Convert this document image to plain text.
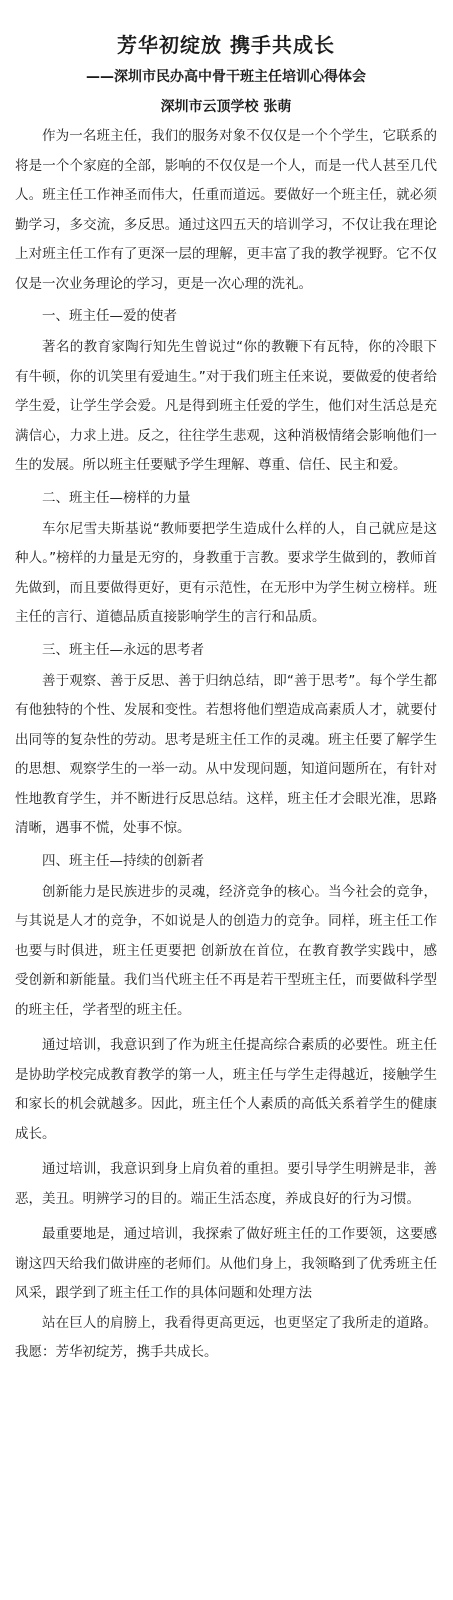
芳华初绽放 携手共成长
——深圳市民办高中骨干班主任培训心得体会
深圳市云顶学校 张萌

作为一名班主任，我们的服务对象不仅仅是一个个学生，它联系的将是一个个家庭的全部，影响的不仅仅是一个人，而是一代人甚至几代人。班主任工作神圣而伟大，任重而道远。要做好一个班主任，就必须勤学习，多交流，多反思。通过这四五天的培训学习，不仅让我在理论上对班主任工作有了更深一层的理解，更丰富了我的教学视野。它不仅仅是一次业务理论的学习，更是一次心理的洗礼。

一、班主任—爱的使者

著名的教育家陶行知先生曾说过“你的教鞭下有瓦特，你的冷眼下有牛顿，你的讥笑里有爱迪生。”对于我们班主任来说，要做爱的使者给学生爱，让学生学会爱。凡是得到班主任爱的学生，他们对生活总是充满信心，力求上进。反之，往往学生悲观，这种消极情绪会影响他们一生的发展。所以班主任要赋予学生理解、尊重、信任、民主和爱。

二、班主任—榜样的力量

车尔尼雪夫斯基说“教师要把学生造成什么样的人，自己就应是这种人。”榜样的力量是无穷的，身教重于言教。要求学生做到的，教师首先做到，而且要做得更好，更有示范性，在无形中为学生树立榜样。班主任的言行、道德品质直接影响学生的言行和品质。

三、班主任—永远的思考者

善于观察、善于反思、善于归纳总结，即“善于思考”。每个学生都有他独特的个性、发展和变性。若想将他们塑造成高素质人才，就要付出同等的复杂性的劳动。思考是班主任工作的灵魂。班主任要了解学生的思想、观察学生的一举一动。从中发现问题，知道问题所在，有针对性地教育学生，并不断进行反思总结。这样，班主任才会眼光准，思路清晰，遇事不慌，处事不惊。

四、班主任—持续的创新者

创新能力是民族进步的灵魂，经济竞争的核心。当今社会的竞争，与其说是人才的竞争，不如说是人的创造力的竞争。同样，班主任工作也要与时俱进，班主任更要把 创新放在首位，在教育教学实践中，感受创新和新能量。我们当代班主任不再是若干型班主任，而要做科学型的班主任，学者型的班主任。

通过培训，我意识到了作为班主任提高综合素质的必要性。班主任是协助学校完成教育教学的第一人，班主任与学生走得越近，接触学生和家长的机会就越多。因此，班主任个人素质的高低关系着学生的健康成长。

通过培训，我意识到身上肩负着的重担。要引导学生明辨是非，善恶，美丑。明辨学习的目的。端正生活态度，养成良好的行为习惯。

最重要地是，通过培训，我探索了做好班主任的工作要领，这要感谢这四天给我们做讲座的老师们。从他们身上，我领略到了优秀班主任风采，跟学到了班主任工作的具体问题和处理方法

站在巨人的肩膀上，我看得更高更远，也更坚定了我所走的道路。我愿：芳华初绽芳，携手共成长。
